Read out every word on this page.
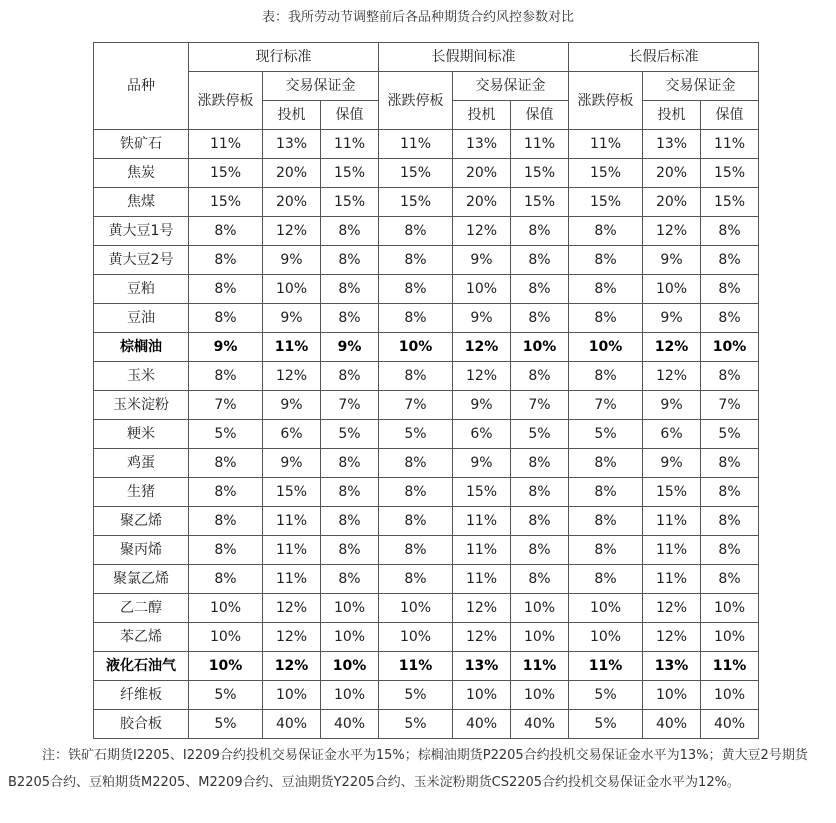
表：我所劳动节调整前后各品种期货合约风控参数对比
品种	现行标准			长假期间标准			长假后标准		
	涨跌停板	交易保证金		涨跌停板	交易保证金		涨跌停板	交易保证金	
		投机	保值		投机	保值		投机	保值
铁矿石	11%	13%	11%	11%	13%	11%	11%	13%	11%
焦炭	15%	20%	15%	15%	20%	15%	15%	20%	15%
焦煤	15%	20%	15%	15%	20%	15%	15%	20%	15%
黄大豆1号	8%	12%	8%	8%	12%	8%	8%	12%	8%
黄大豆2号	8%	9%	8%	8%	9%	8%	8%	9%	8%
豆粕	8%	10%	8%	8%	10%	8%	8%	10%	8%
豆油	8%	9%	8%	8%	9%	8%	8%	9%	8%
棕榈油	9%	11%	9%	10%	12%	10%	10%	12%	10%
玉米	8%	12%	8%	8%	12%	8%	8%	12%	8%
玉米淀粉	7%	9%	7%	7%	9%	7%	7%	9%	7%
粳米	5%	6%	5%	5%	6%	5%	5%	6%	5%
鸡蛋	8%	9%	8%	8%	9%	8%	8%	9%	8%
生猪	8%	15%	8%	8%	15%	8%	8%	15%	8%
聚乙烯	8%	11%	8%	8%	11%	8%	8%	11%	8%
聚丙烯	8%	11%	8%	8%	11%	8%	8%	11%	8%
聚氯乙烯	8%	11%	8%	8%	11%	8%	8%	11%	8%
乙二醇	10%	12%	10%	10%	12%	10%	10%	12%	10%
苯乙烯	10%	12%	10%	10%	12%	10%	10%	12%	10%
液化石油气	10%	12%	10%	11%	13%	11%	11%	13%	11%
纤维板	5%	10%	10%	5%	10%	10%	5%	10%	10%
胶合板	5%	40%	40%	5%	40%	40%	5%	40%	40%
注：铁矿石期货I2205、I2209合约投机交易保证金水平为15%；棕榈油期货P2205合约投机交易保证金水平为13%；黄大豆2号期货B2205合约、豆粕期货M2205、M2209合约、豆油期货Y2205合约、玉米淀粉期货CS2205合约投机交易保证金水平为12%。
